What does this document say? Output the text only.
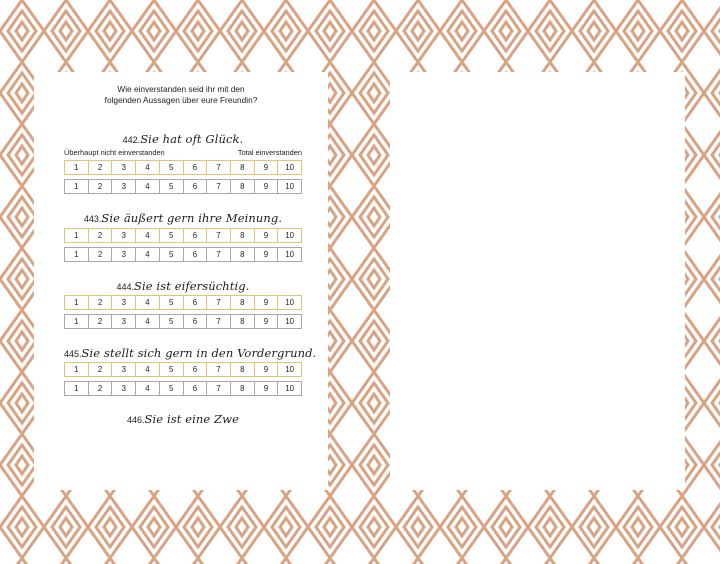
Wie einverstanden seid ihr mit den
folgenden Aussagen über eure Freundin?
442.Sie hat oft Glück.
Überhaupt nicht einverstanden	Total einverstanden
1	2	3	4	5	6	7	8	9	10
1	2	3	4	5	6	7	8	9	10
443.Sie äußert gern ihre Meinung.
1	2	3	4	5	6	7	8	9	10
1	2	3	4	5	6	7	8	9	10
444.Sie ist eifersüchtig.
1	2	3	4	5	6	7	8	9	10
1	2	3	4	5	6	7	8	9	10
445.Sie stellt sich gern in den Vordergrund.
1	2	3	4	5	6	7	8	9	10
1	2	3	4	5	6	7	8	9	10
446.Sie ist eine Zwe
